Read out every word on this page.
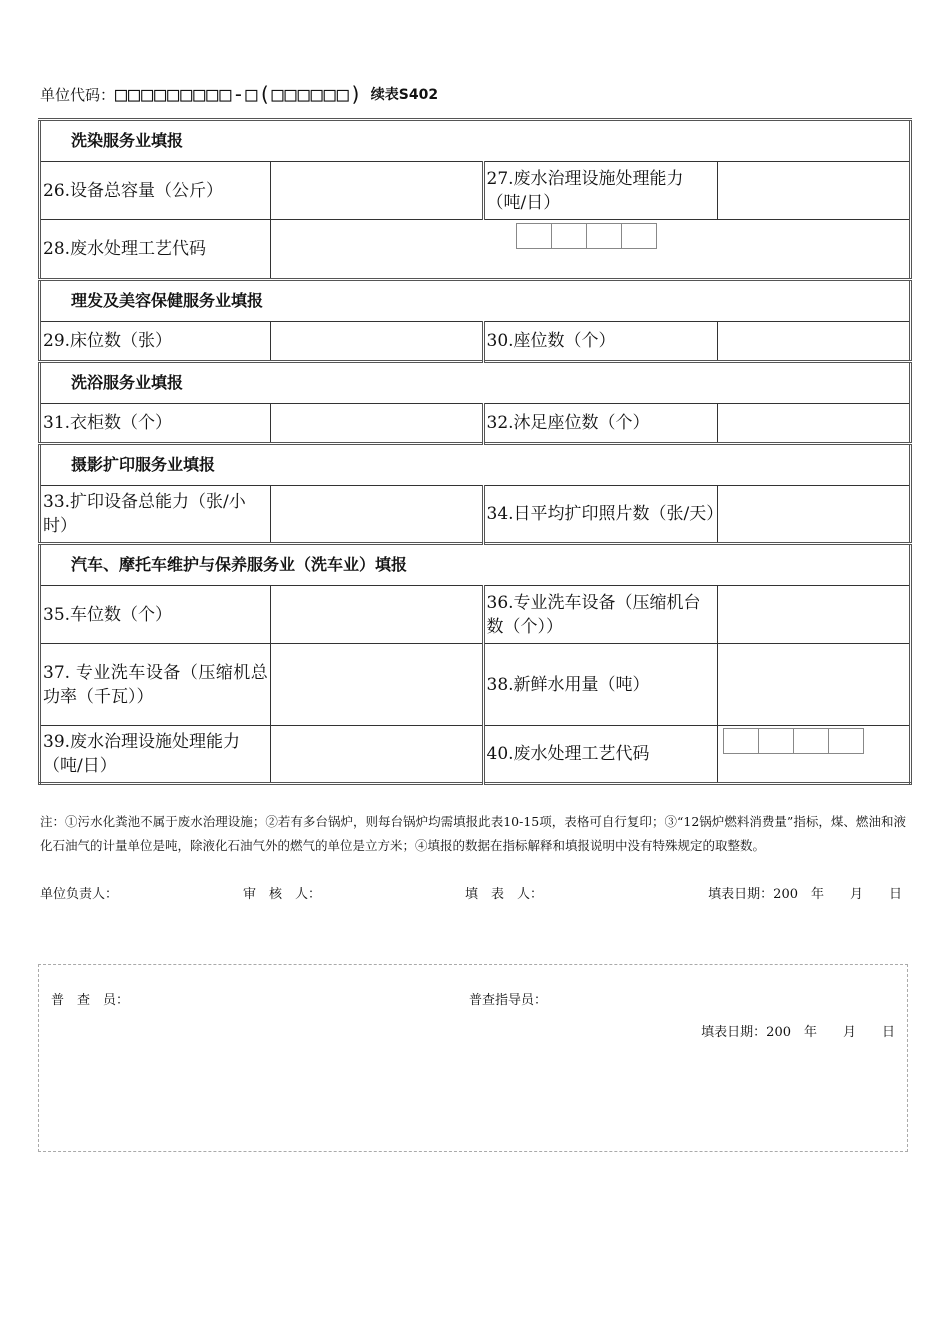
单位代码： □□□□□□□□□-□(□□□□□□) 续表S402
洗染服务业填报			
26.设备总容量（公斤）		27.废水治理设施处理能力（吨/日）	
28.废水处理工艺代码			

理发及美容保健服务业填报			
29.床位数（张）		30.座位数（个）	
洗浴服务业填报			
31.衣柜数（个）		32.沐足座位数（个）	
摄影扩印服务业填报			
33.扩印设备总能力（张/小时）		34.日平均扩印照片数（张/天）	
汽车、摩托车维护与保养服务业（洗车业）填报			
35.车位数（个）		36.专业洗车设备（压缩机台数（个））	
37. 专业洗车设备（压缩机总功率（千瓦））		38.新鲜水用量（吨）	
39.废水治理设施处理能力（吨/日）		40.废水处理工艺代码	
注：①污水化粪池不属于废水治理设施；②若有多台锅炉，则每台锅炉均需填报此表10-15项，表格可自行复印；③“12锅炉燃料消费量”指标，煤、燃油和液化石油气的计量单位是吨，除液化石油气外的燃气的单位是立方米；④填报的数据在指标解释和填报说明中没有特殊规定的取整数。
单位负责人：	审　核　人：	填　表　人：	填表日期：200　年　　月　　日
普　查　员：	普查指导员：
填表日期：200　年　　月　　日
